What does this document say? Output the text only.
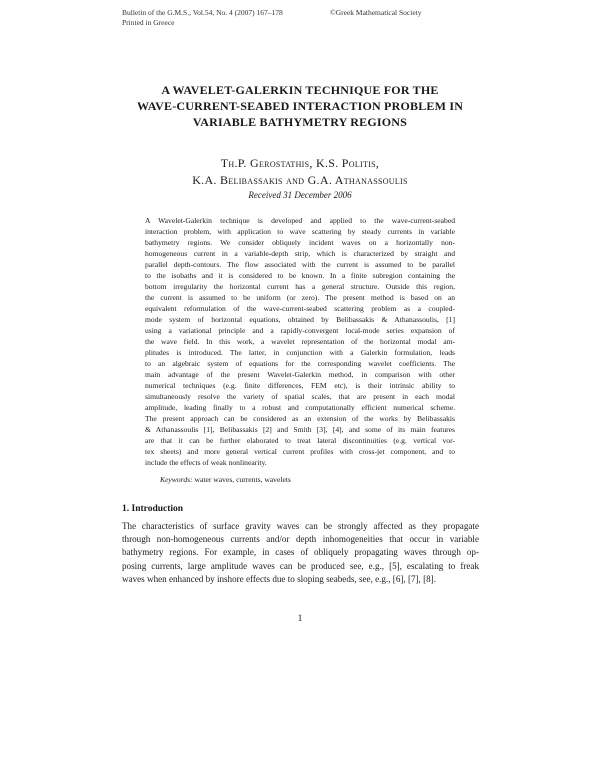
Bulletin of the G.M.S., Vol.54, No. 4 (2007) 167–178
Printed in Greece
©Greek Mathematical Society
A WAVELET-GALERKIN TECHNIQUE FOR THE
WAVE-CURRENT-SEABED INTERACTION PROBLEM IN
VARIABLE BATHYMETRY REGIONS
Th.P. Gerostathis, K.S. Politis,
K.A. Belibassakis and G.A. Athanassoulis
Received 31 December 2006
A Wavelet-Galerkin technique is developed and applied to the wave-current-seabed
interaction problem, with application to wave scattering by steady currents in variable
bathymetry regions. We consider obliquely incident waves on a horizontally non-
homogeneous current in a variable-depth strip, which is characterized by straight and
parallel depth-contours. The flow associated with the current is assumed to be parallel
to the isobaths and it is considered to be known. In a finite subregion containing the
bottom irregularity the horizontal current has a general structure. Outside this region,
the current is assumed to be uniform (or zero). The present method is based on an
equivalent reformulation of the wave-current-seabed scattering problem as a coupled-
mode system of horizontal equations, obtained by Belibassakis & Athanassoulis, [1]
using a variational principle and a rapidly-convergent local-mode series expansion of
the wave field. In this work, a wavelet representation of the horizontal modal am-
plitudes is introduced. The latter, in conjunction with a Galerkin formulation, leads
to an algebraic system of equations for the corresponding wavelet coefficients. The
main advantage of the present Wavelet-Galerkin method, in comparison with other
numerical techniques (e.g. finite differences, FEM etc), is their intrinsic ability to
simultaneously resolve the variety of spatial scales, that are present in each modal
amplitude, leading finally to a robust and computationally efficient numerical scheme.
The present approach can be considered as an extension of the works by Belibassakis
& Athanassoulis [1], Belibassakis [2] and Smith [3], [4], and some of its main features
are that it can be further elaborated to treat lateral discontinuities (e.g. vertical vor-
tex sheets) and more general vertical current profiles with cross-jet component, and to
include the effects of weak nonlinearity.
Keywords: water waves, currents, wavelets
1. Introduction
The characteristics of surface gravity waves can be strongly affected as they propagate
through non-homogeneous currents and/or depth inhomogeneities that occur in variable
bathymetry regions. For example, in cases of obliquely propagating waves through op-
posing currents, large amplitude waves can be produced see, e.g., [5], escalating to freak
waves when enhanced by inshore effects due to sloping seabeds, see, e.g., [6], [7], [8].
1
